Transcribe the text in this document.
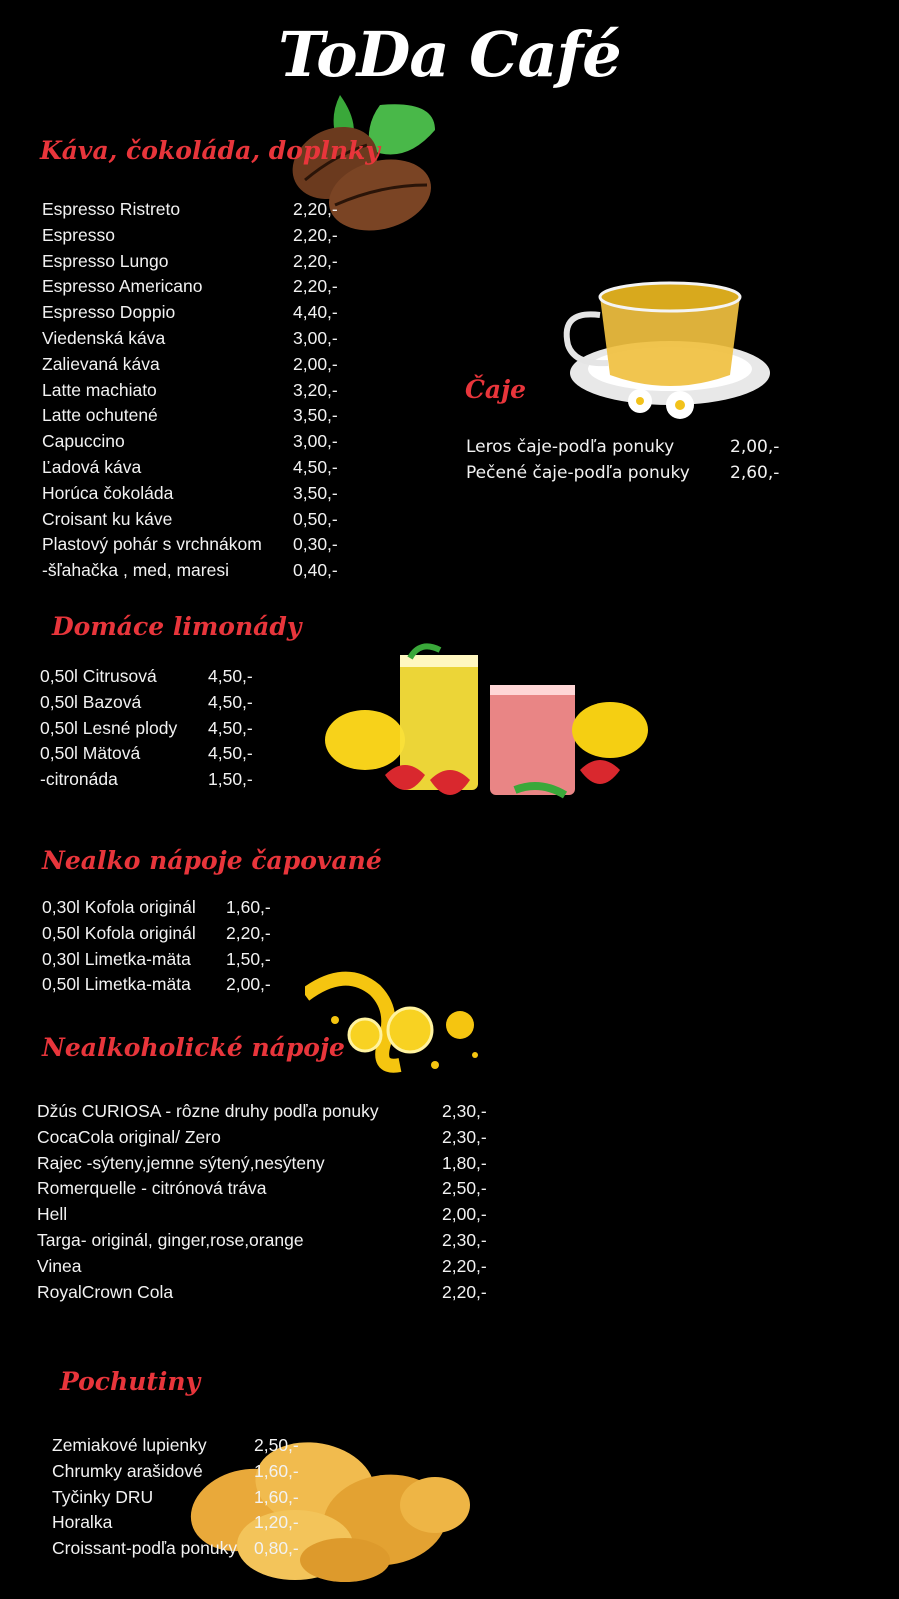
ToDa Café
Káva, čokoláda, doplnky
Espresso Ristreto	2,20,-
Espresso	2,20,-
Espresso Lungo	2,20,-
Espresso Americano	2,20,-
Espresso Doppio	4,40,-
Viedenská káva	3,00,-
Zalievaná káva	2,00,-
Latte machiato	3,20,-
Latte ochutené	3,50,-
Capuccino	3,00,-
Ľadová káva	4,50,-
Horúca čokoláda	3,50,-
Croisant ku káve	0,50,-
Plastový pohár s vrchnákom 0,30,-
-šľahačka , med, maresi	0,40,-
Čaje
Leros čaje-podľa ponuky	2,00,-
Pečené čaje-podľa ponuky 2,60,-
Domáce limonády
0,50l Citrusová	4,50,-
0,50l Bazová	4,50,-
0,50l Lesné plody 4,50,-
0,50l Mätová	4,50,-
-citronáda	1,50,-
Nealko nápoje čapované
0,30l Kofola originál 1,60,-
0,50l Kofola originál 2,20,-
0,30l Limetka-mäta 1,50,-
0,50l Limetka-mäta 2,00,-
Nealkoholické nápoje
Džús CURIOSA - rôzne druhy podľa ponuky	2,30,-
CocaCola original/ Zero	2,30,-
Rajec -sýteny,jemne sýtený,nesýteny	1,80,-
Romerquelle - citrónová tráva	2,50,-
Hell	2,00,-
Targa- originál, ginger,rose,orange	2,30,-
Vinea	2,20,-
RoyalCrown Cola	2,20,-
Pochutiny
Zemiakové lupienky	2,50,-
Chrumky arašidové	1,60,-
Tyčinky DRU	1,60,-
Horalka	1,20,-
Croissant-podľa ponuky 0,80,-
